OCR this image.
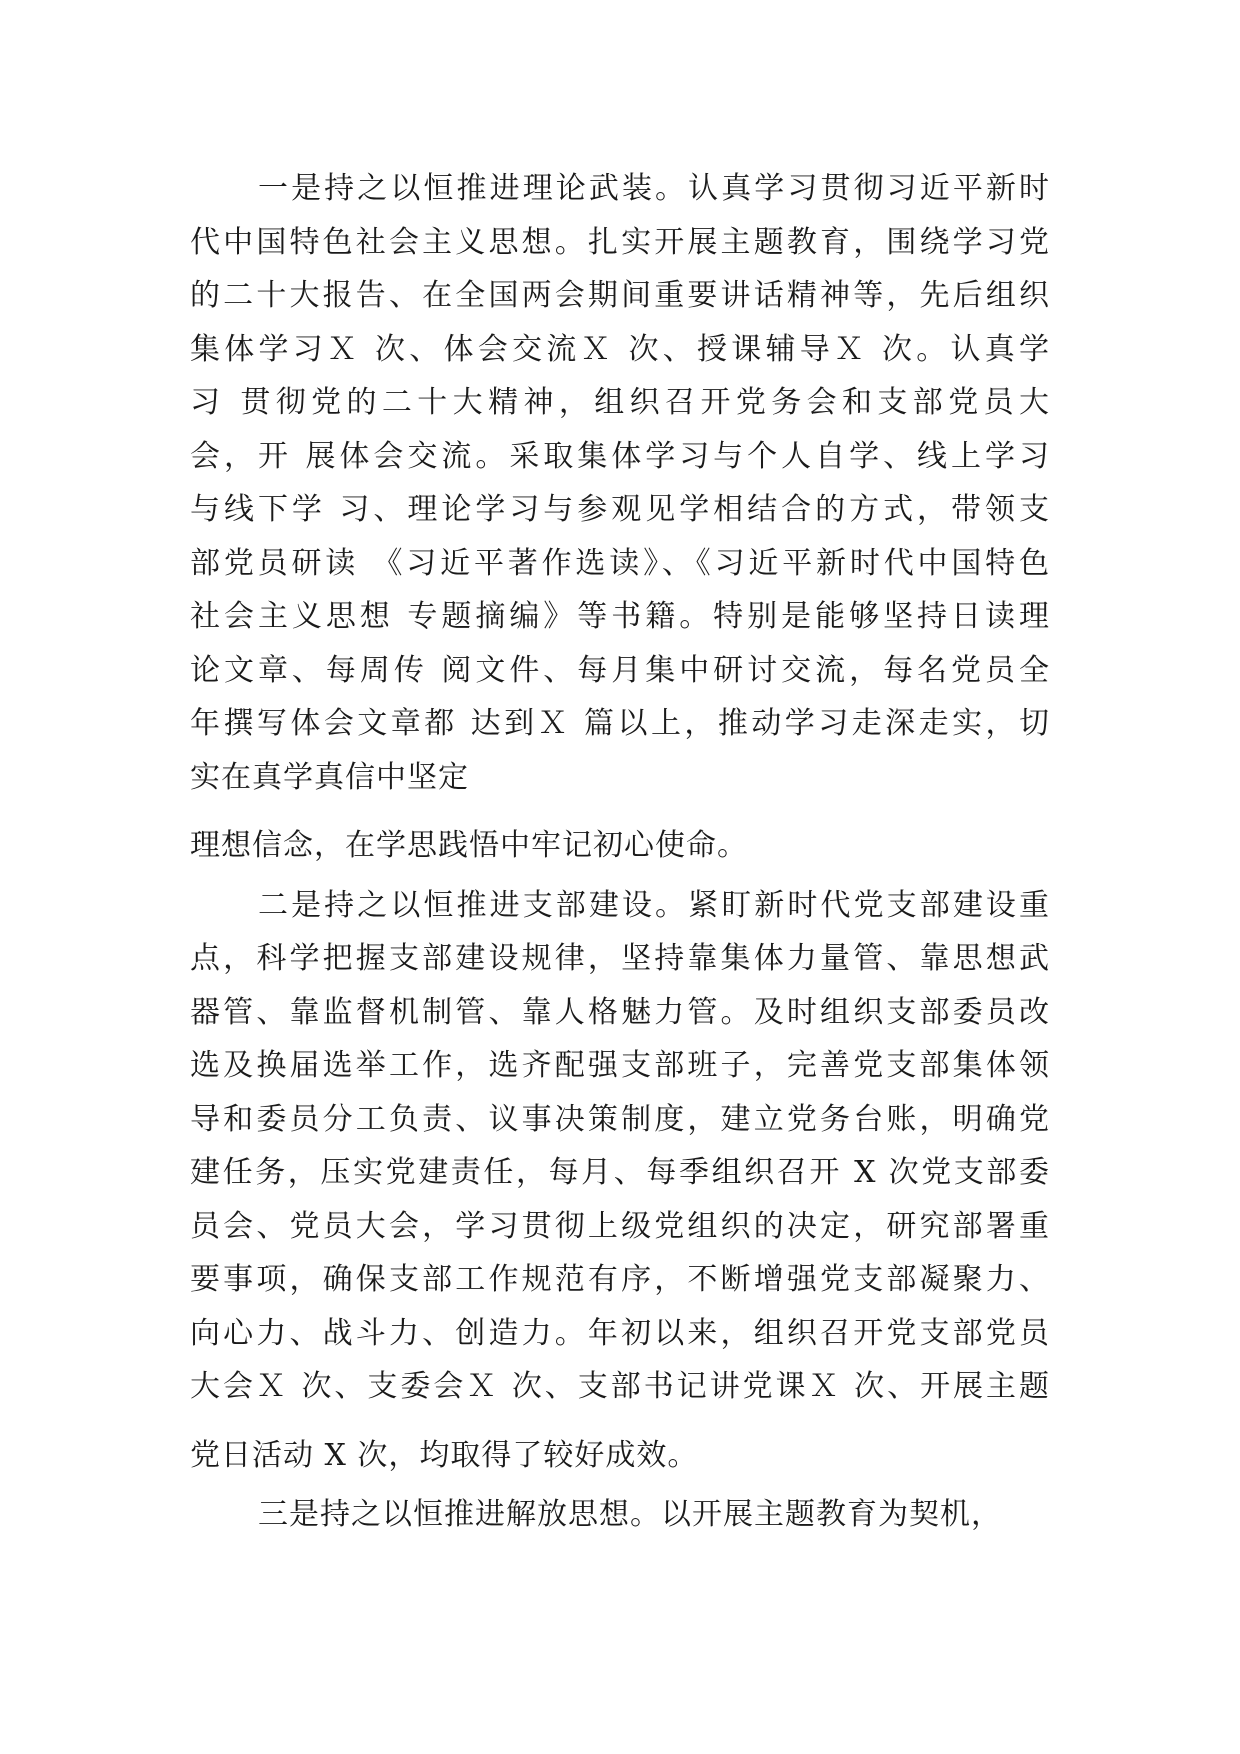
一是持之以恒推进理论武装。认真学习贯彻习近平新时
代中国特色社会主义思想。扎实开展主题教育，围绕学习党
的二十大报告、在全国两会期间重要讲话精神等，先后组织
集体学习Ｘ 次、体会交流Ｘ 次、授课辅导Ｘ 次。认真学
习 贯彻党的二十大精神，组织召开党务会和支部党员大
会，开 展体会交流。采取集体学习与个人自学、线上学习
与线下学 习、理论学习与参观见学相结合的方式，带领支
部党员研读 《习近平著作选读》、《习近平新时代中国特色
社会主义思想 专题摘编》等书籍。特别是能够坚持日读理
论文章、每周传 阅文件、每月集中研讨交流，每名党员全
年撰写体会文章都 达到Ｘ 篇以上，推动学习走深走实，切
实在真学真信中坚定
理想信念，在学思践悟中牢记初心使命。
二是持之以恒推进支部建设。紧盯新时代党支部建设重
点，科学把握支部建设规律，坚持靠集体力量管、靠思想武
器管、靠监督机制管、靠人格魅力管。及时组织支部委员改
选及换届选举工作，选齐配强支部班子，完善党支部集体领
导和委员分工负责、议事决策制度，建立党务台账，明确党
建任务，压实党建责任，每月、每季组织召开 X 次党支部委
员会、党员大会，学习贯彻上级党组织的决定，研究部署重
要事项，确保支部工作规范有序，不断增强党支部凝聚力、
向心力、战斗力、创造力。年初以来，组织召开党支部党员
大会Ｘ 次、支委会Ｘ 次、支部书记讲党课Ｘ 次、开展主题
党日活动 X 次，均取得了较好成效。
三是持之以恒推进解放思想。以开展主题教育为契机，
